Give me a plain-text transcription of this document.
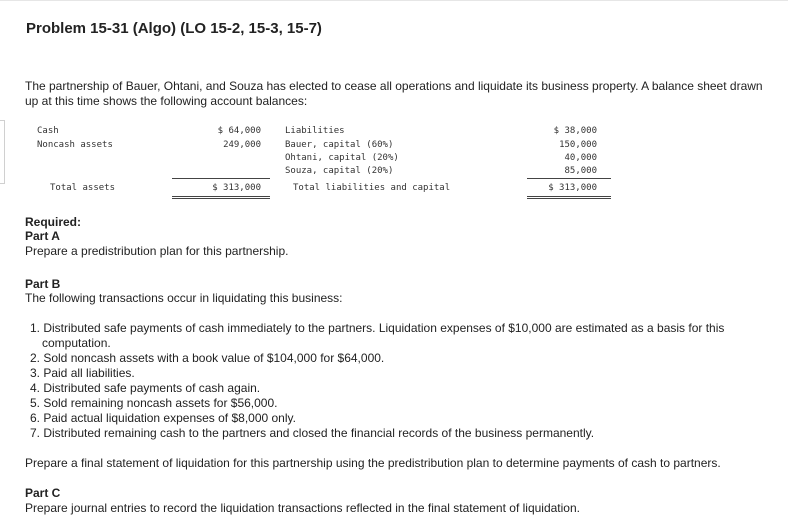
Problem 15-31 (Algo) (LO 15-2, 15-3, 15-7)
The partnership of Bauer, Ohtani, and Souza has elected to cease all operations and liquidate its business property. A balance sheet drawn up at this time shows the following account balances:
Cash
Noncash assets
$ 64,000
249,000
Total assets	$ 313,000
Liabilities
Bauer, capital (60%)
Ohtani, capital (20%)
Souza, capital (20%)
$ 38,000
150,000
40,000
85,000
Total liabilities and capital	$ 313,000
Required:
Part A
Prepare a predistribution plan for this partnership.
Part B
The following transactions occur in liquidating this business:
1. Distributed safe payments of cash immediately to the partners. Liquidation expenses of $10,000 are estimated as a basis for this computation.
2. Sold noncash assets with a book value of $104,000 for $64,000.
3. Paid all liabilities.
4. Distributed safe payments of cash again.
5. Sold remaining noncash assets for $56,000.
6. Paid actual liquidation expenses of $8,000 only.
7. Distributed remaining cash to the partners and closed the financial records of the business permanently.
Prepare a final statement of liquidation for this partnership using the predistribution plan to determine payments of cash to partners.
Part C
Prepare journal entries to record the liquidation transactions reflected in the final statement of liquidation.
